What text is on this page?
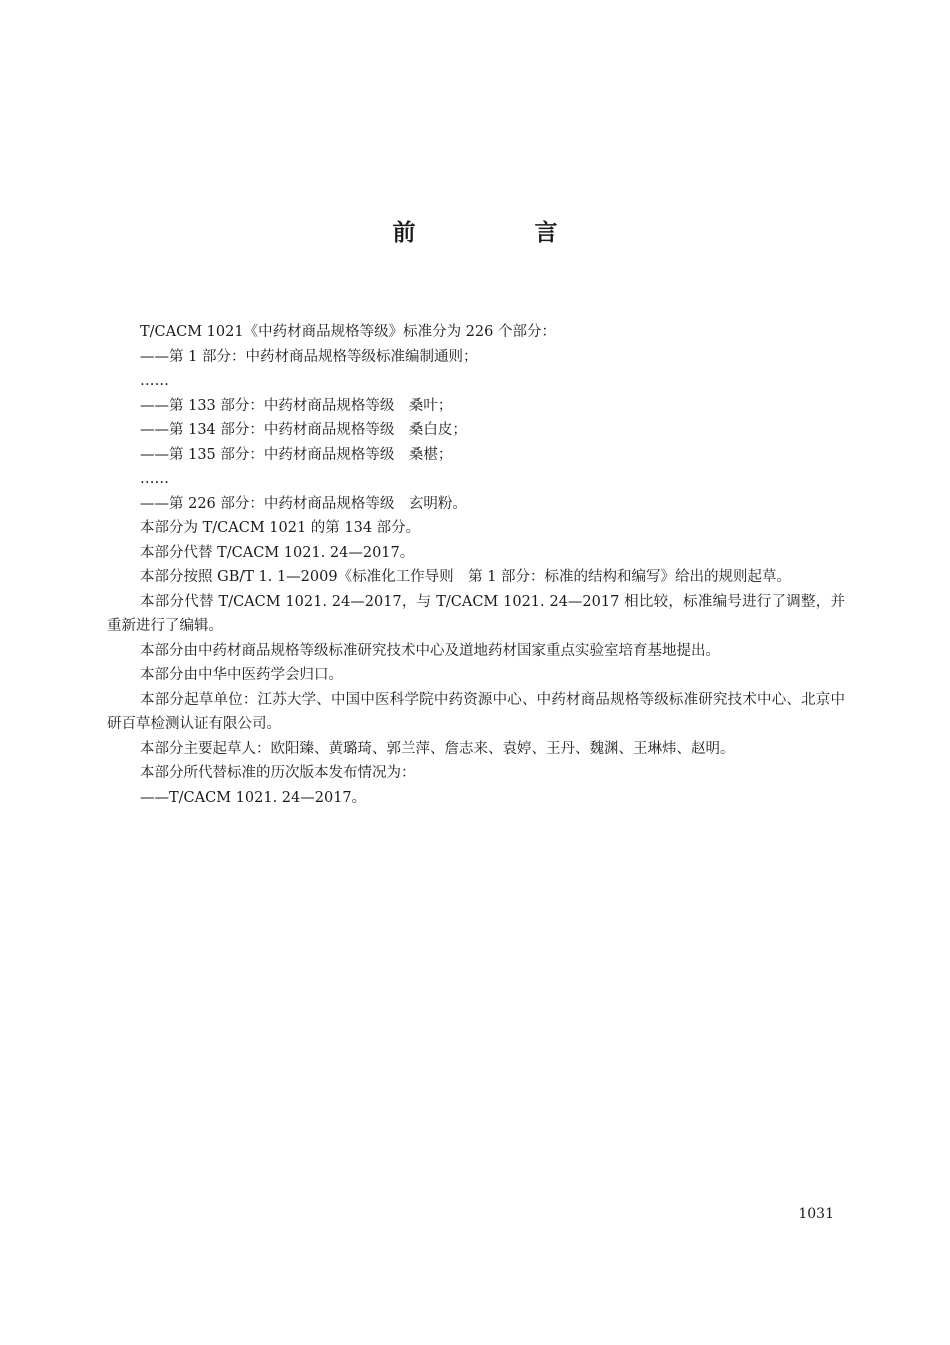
前　言

T/CACM 1021《中药材商品规格等级》标准分为 226 个部分：

——第 1 部分：中药材商品规格等级标准编制通则；

……

——第 133 部分：中药材商品规格等级　桑叶；

——第 134 部分：中药材商品规格等级　桑白皮；

——第 135 部分：中药材商品规格等级　桑椹；

……

——第 226 部分：中药材商品规格等级　玄明粉。

本部分为 T/CACM 1021 的第 134 部分。

本部分代替 T/CACM 1021. 24—2017。

本部分按照 GB/T 1. 1—2009《标准化工作导则　第 1 部分：标准的结构和编写》给出的规则起草。

本部分代替 T/CACM 1021. 24—2017，与 T/CACM 1021. 24—2017 相比较，标准编号进行了调整，并重新进行了编辑。

本部分由中药材商品规格等级标准研究技术中心及道地药材国家重点实验室培育基地提出。

本部分由中华中医药学会归口。

本部分起草单位：江苏大学、中国中医科学院中药资源中心、中药材商品规格等级标准研究技术中心、北京中研百草检测认证有限公司。

本部分主要起草人：欧阳臻、黄璐琦、郭兰萍、詹志来、袁婷、王丹、魏渊、王琳炜、赵明。

本部分所代替标准的历次版本发布情况为：

——T/CACM 1021. 24—2017。

1031
